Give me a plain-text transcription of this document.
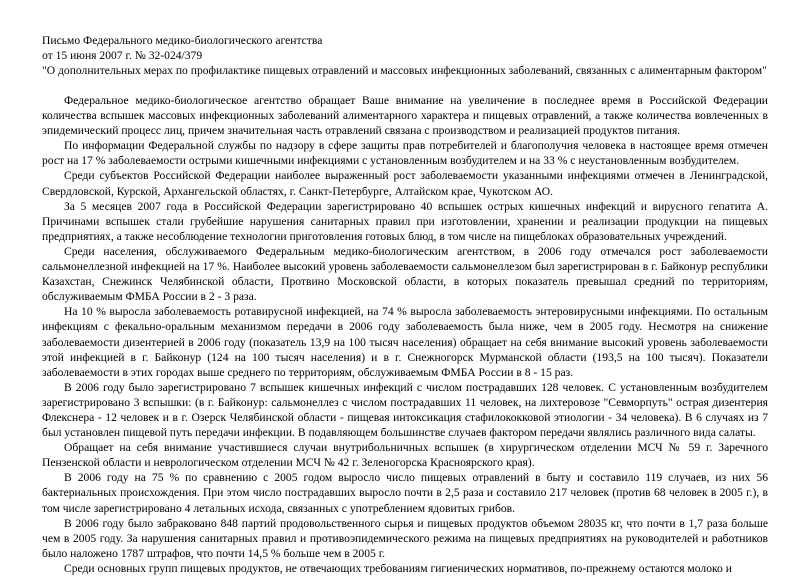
Письмо Федерального медико-биологического агентства
от 15 июня 2007 г. № 32-024/379
"О дополнительных мерах по профилактике пищевых отравлений и массовых инфекционных заболеваний, связанных с алиментарным фактором"

Федеральное медико-биологическое агентство обращает Ваше внимание на увеличение в последнее время в Российской Федерации количества вспышек массовых инфекционных заболеваний алиментарного характера и пищевых отравлений, а также количества вовлеченных в эпидемический процесс лиц, причем значительная часть отравлений связана с производством и реализацией продуктов питания.

По информации Федеральной службы по надзору в сфере защиты прав потребителей и благополучия человека в настоящее время отмечен рост на 17 % заболеваемости острыми кишечными инфекциями с установленным возбудителем и на 33 % с неустановленным возбудителем.

Среди субъектов Российской Федерации наиболее выраженный рост заболеваемости указанными инфекциями отмечен в Ленинградской, Свердловской, Курской, Архангельской областях, г. Санкт-Петербурге, Алтайском крае, Чукотском АО.

За 5 месяцев 2007 года в Российской Федерации зарегистрировано 40 вспышек острых кишечных инфекций и вирусного гепатита А. Причинами вспышек стали грубейшие нарушения санитарных правил при изготовлении, хранении и реализации продукции на пищевых предприятиях, а также несоблюдение технологии приготовления готовых блюд, в том числе на пищеблоках образовательных учреждений.

Среди населения, обслуживаемого Федеральным медико-биологическим агентством, в 2006 году отмечался рост заболеваемости сальмонеллезной инфекцией на 17 %. Наиболее высокий уровень заболеваемости сальмонеллезом был зарегистрирован в г. Байконур республики Казахстан, Снежинск Челябинской области, Протвино Московской области, в которых показатель превышал средний по территориям, обслуживаемым ФМБА России в 2 - 3 раза.

На 10 % выросла заболеваемость ротавирусной инфекцией, на 74 % выросла заболеваемость энтеровирусными инфекциями. По остальным инфекциям с фекально-оральным механизмом передачи в 2006 году заболеваемость была ниже, чем в 2005 году. Несмотря на снижение заболеваемости дизентерией в 2006 году (показатель 13,9 на 100 тысяч населения) обращает на себя внимание высокий уровень заболеваемости этой инфекцией в г. Байконур (124 на 100 тысяч населения) и в г. Снежногорск Мурманской области (193,5 на 100 тысяч). Показатели заболеваемости в этих городах выше среднего по территориям, обслуживаемым ФМБА России в 8 - 15 раз.

В 2006 году было зарегистрировано 7 вспышек кишечных инфекций с числом пострадавших 128 человек. С установленным возбудителем зарегистрировано 3 вспышки: (в г. Байконур: сальмонеллез с числом пострадавших 11 человек, на лихтеровозе "Севморпуть" острая дизентерия Флекснера - 12 человек и в г. Озерск Челябинской области - пищевая интоксикация стафилококковой этиологии - 34 человека). В 6 случаях из 7 был установлен пищевой путь передачи инфекции. В подавляющем большинстве случаев фактором передачи являлись различного вида салаты.

Обращает на себя внимание участившиеся случаи внутрибольничных вспышек (в хирургическом отделении МСЧ № 59 г. Заречного Пензенской области и неврологическом отделении МСЧ № 42 г. Зеленогорска Красноярского края).

В 2006 году на 75 % по сравнению с 2005 годом выросло число пищевых отравлений в быту и составило 119 случаев, из них 56 бактериальных происхождения. При этом число пострадавших выросло почти в 2,5 раза и составило 217 человек (против 68 человек в 2005 г.), в том числе зарегистрировано 4 летальных исхода, связанных с употреблением ядовитых грибов.

В 2006 году было забраковано 848 партий продовольственного сырья и пищевых продуктов объемом 28035 кг, что почти в 1,7 раза больше чем в 2005 году. За нарушения санитарных правил и противоэпидемического режима на пищевых предприятиях на руководителей и работников было наложено 1787 штрафов, что почти 14,5 % больше чем в 2005 г.

Среди основных групп пищевых продуктов, не отвечающих требованиям гигиенических нормативов, по-прежнему остаются молоко и
